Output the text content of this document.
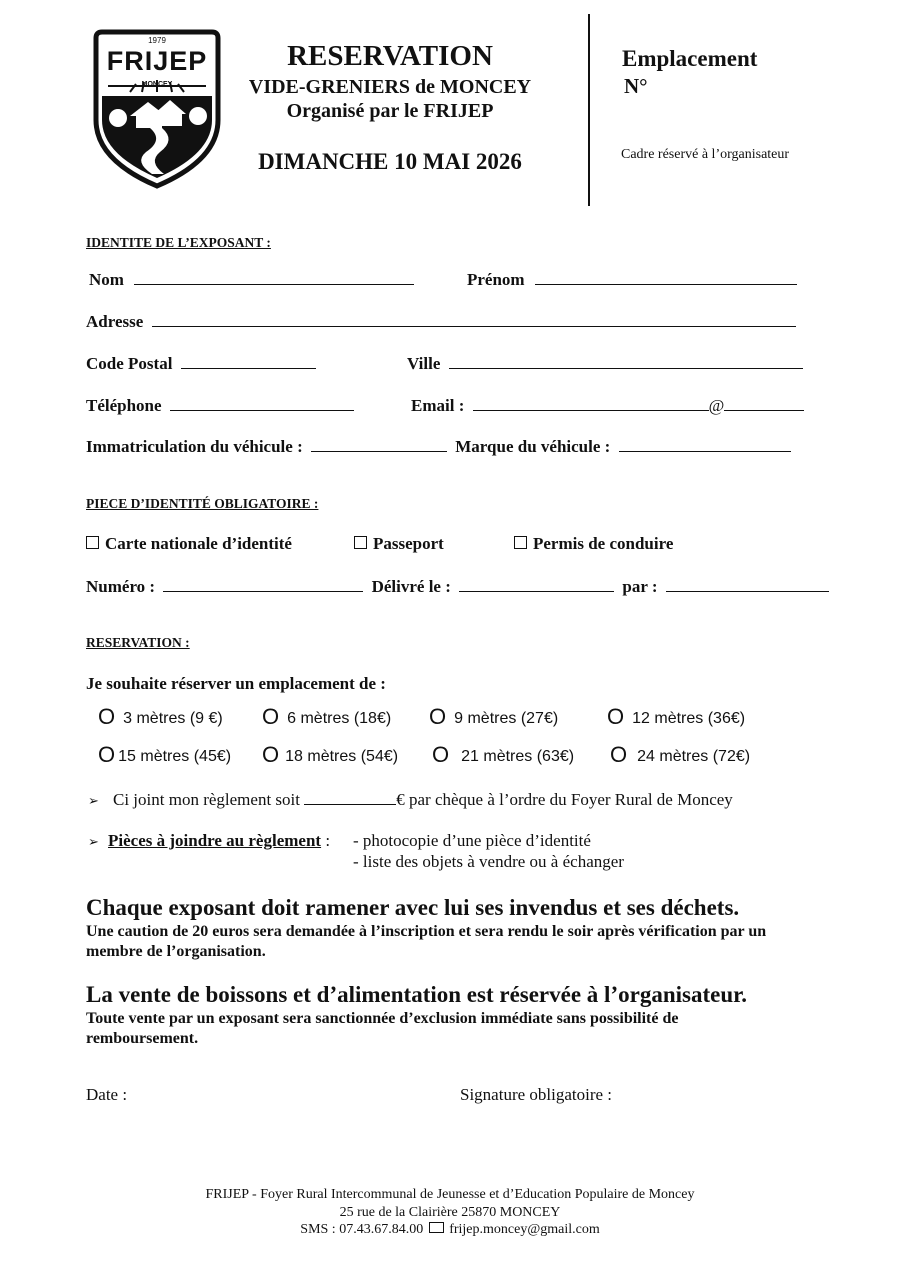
1979
FRIJEP
MONCEY
RESERVATION
VIDE-GRENIERS de MONCEY
Organisé par le FRIJEP
DIMANCHE 10 MAI 2026
Emplacement
N°
Cadre réservé à l’organisateur
IDENTITE DE L’EXPOSANT :
Nom	Prénom
Adresse
Code Postal	Ville
Téléphone	Email :	@
Immatriculation du véhicule :	Marque du véhicule :
PIECE D’IDENTITÉ OBLIGATOIRE :
Carte nationale d’identité	Passeport	Permis de conduire
Numéro :	Délivré le :	par :
RESERVATION :
Je souhaite réserver un emplacement de :
O 3 mètres (9 €) O 6 mètres (18€) O 9 mètres (27€) O 12 mètres (36€)
O 15 mètres (45€) O 18 mètres (54€) O 21 mètres (63€) O 24 mètres (72€)
➢ Ci joint mon règlement soit	€ par chèque à l’ordre du Foyer Rural de Moncey
➢ Pièces à joindre au règlement : - photocopie d’une pièce d’identité
- liste des objets à vendre ou à échanger
Chaque exposant doit ramener avec lui ses invendus et ses déchets.
Une caution de 20 euros sera demandée à l’inscription et sera rendu le soir après vérification par un membre de l’organisation.
La vente de boissons et d’alimentation est réservée à l’organisateur.
Toute vente par un exposant sera sanctionnée d’exclusion immédiate sans possibilité de remboursement.
Date :	Signature obligatoire :
FRIJEP - Foyer Rural Intercommunal de Jeunesse et d’Education Populaire de Moncey
25 rue de la Clairière 25870 MONCEY
SMS : 07.43.67.84.00 frijep.moncey@gmail.com
